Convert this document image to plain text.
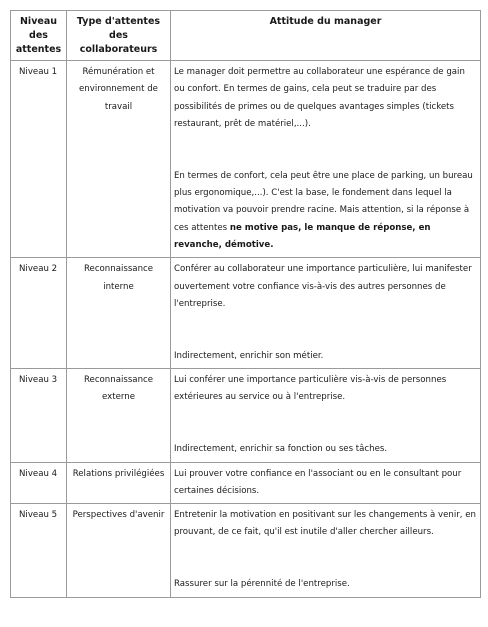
Niveau des attentes	Type d'attentes des collaborateurs	Attitude du manager
Niveau 1	Rémunération et environnement de travail	Le manager doit permettre au collaborateur une espérance de gain ou confort. En termes de gains, cela peut se traduire par des possibilités de primes ou de quelques avantages simples (tickets restaurant, prêt de matériel,...).

En termes de confort, cela peut être une place de parking, un bureau plus ergonomique,...). C'est la base, le fondement dans lequel la motivation va pouvoir prendre racine. Mais attention, si la réponse à ces attentes ne motive pas, le manque de réponse, en revanche, démotive.

Niveau 2	Reconnaissance interne	Conférer au collaborateur une importance particulière, lui manifester ouvertement votre confiance vis-à-vis des autres personnes de l'entreprise.

Indirectement, enrichir son métier.

Niveau 3	Reconnaissance externe	Lui conférer une importance particulière vis-à-vis de personnes extérieures au service ou à l'entreprise.

Indirectement, enrichir sa fonction ou ses tâches.

Niveau 4	Relations privilégiées	Lui prouver votre confiance en l'associant ou en le consultant pour certaines décisions.

Niveau 5	Perspectives d'avenir	Entretenir la motivation en positivant sur les changements à venir, en prouvant, de ce fait, qu'il est inutile d'aller chercher ailleurs.

Rassurer sur la pérennité de l'entreprise.
